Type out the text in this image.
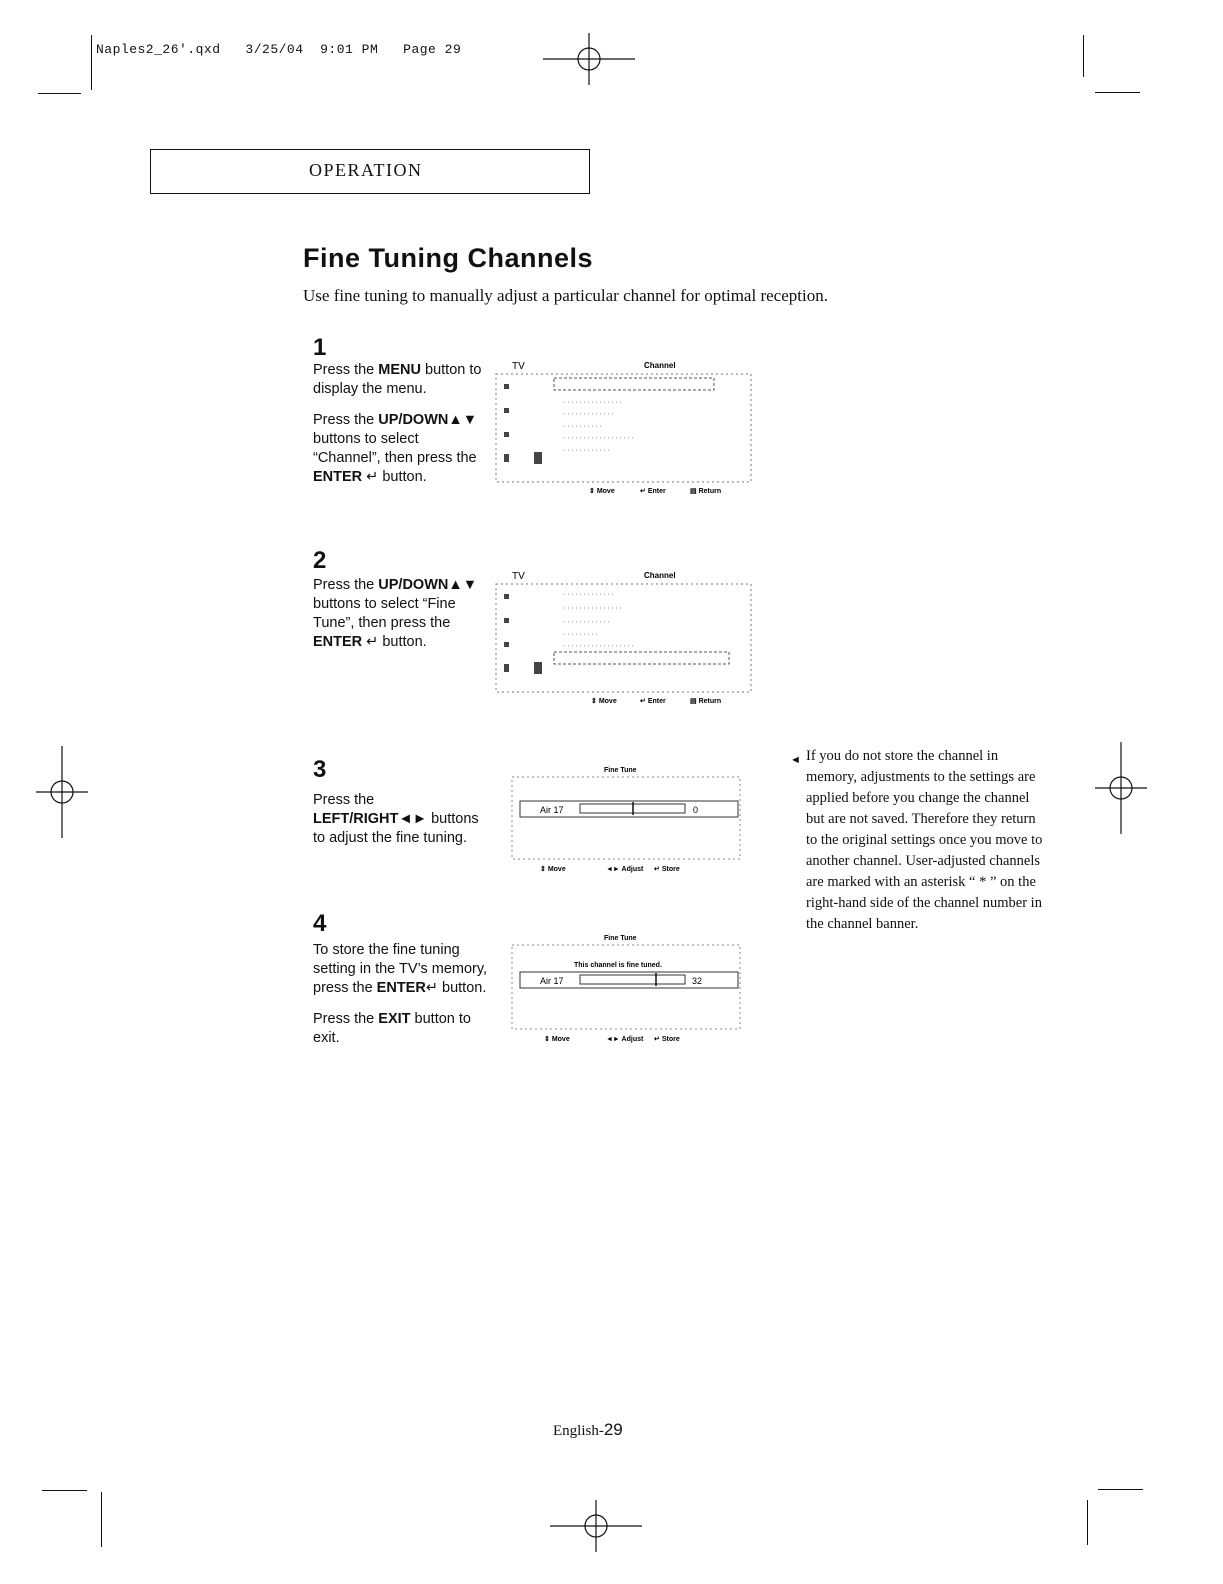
Naples2_26'.qxd   3/25/04  9:01 PM   Page 29
OPERATION
Fine Tuning Channels
Use fine tuning to manually adjust a particular channel for optimal reception.
1

Press the MENU button to display the menu.

Press the UP/DOWN▲▼ buttons to select “Channel”, then press the ENTER ↵ button.

TV	Channel
⇕ Move	↵ Enter	▤ Return
2

Press the UP/DOWN▲▼ buttons to select “Fine Tune”, then press the ENTER ↵ button.

TV	Channel
⇕ Move	↵ Enter	▤ Return
3

Press the LEFT/RIGHT◄► buttons to adjust the fine tuning.

Fine Tune
Air 17	0
⇕ Move	◄► Adjust ↵ Store
4

To store the fine tuning setting in the TV’s memory, press the ENTER↵ button.

Press the EXIT button to exit.

Fine Tune
This channel is fine tuned.
Air 17	32
⇕ Move	◄► Adjust ↵ Store
◄ If you do not store the channel in memory, adjustments to the settings are applied before you change the channel but are not saved. Therefore they return to the original settings once you move to another channel. User-adjusted channels are marked with an asterisk “ * ” on the right-hand side of the channel number in the channel banner.
English-29
